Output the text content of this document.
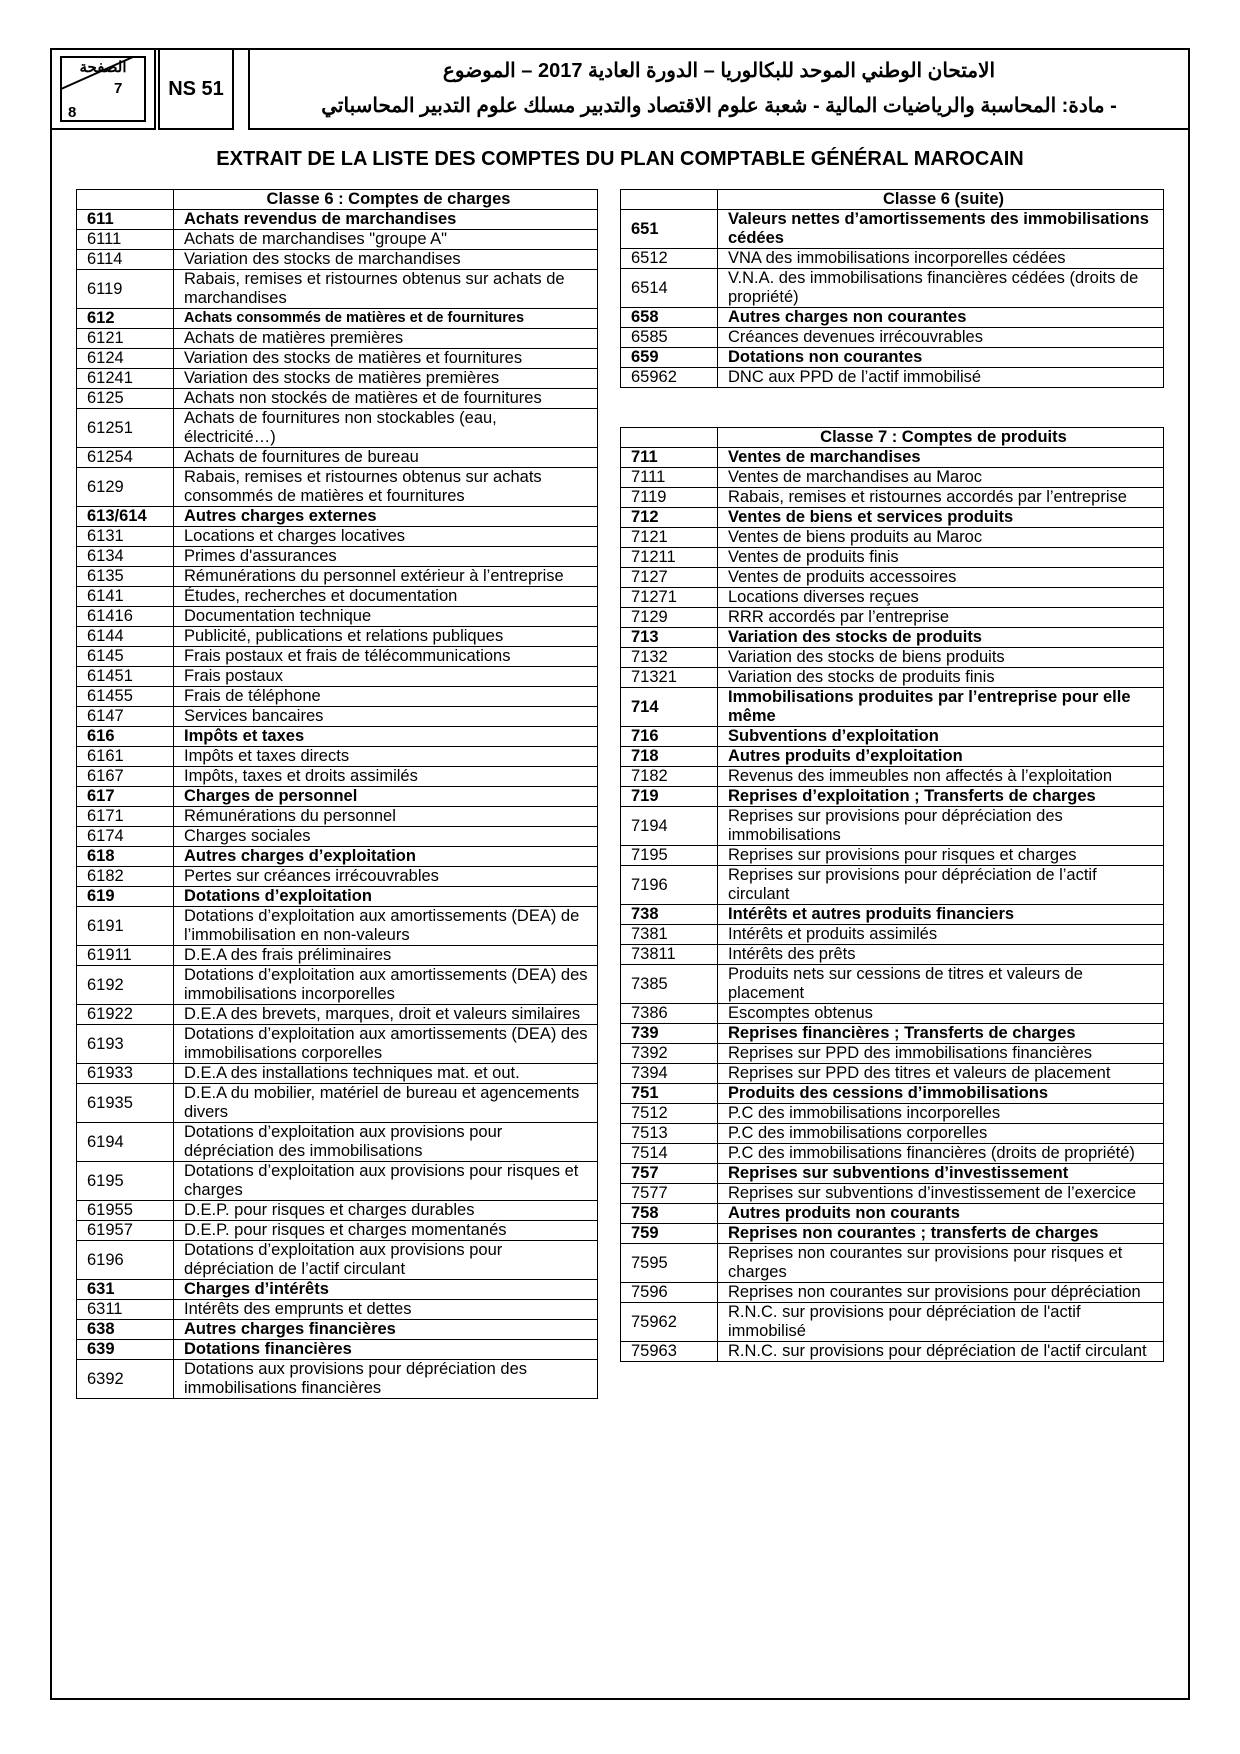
الصفحة
7
8
NS 51
الامتحان الوطني الموحد للبكالوريا – الدورة العادية 2017 – الموضوع
- مادة: المحاسبة والرياضيات المالية - شعبة علوم الاقتصاد والتدبير مسلك علوم التدبير المحاسباتي
EXTRAIT DE LA LISTE DES COMPTES DU PLAN COMPTABLE GÉNÉRAL MAROCAIN
	Classe 6 : Comptes de charges
611	Achats revendus de marchandises
6111	Achats de marchandises "groupe A"
6114	Variation des stocks de marchandises
6119	Rabais, remises et ristournes obtenus sur achats de marchandises
612	Achats consommés de matières et de fournitures
6121	Achats de matières premières
6124	Variation des stocks de matières et fournitures
61241	Variation des stocks de matières premières
6125	Achats non stockés de matières et de fournitures
61251	Achats de fournitures non stockables (eau, électricité…)
61254	Achats de fournitures de bureau
6129	Rabais, remises et ristournes obtenus sur achats consommés de matières et fournitures
613/614	Autres charges externes
6131	Locations et charges locatives
6134	Primes d'assurances
6135	Rémunérations du personnel extérieur à l’entreprise
6141	Études, recherches et documentation
61416	Documentation technique
6144	Publicité, publications et relations publiques
6145	Frais postaux et frais de télécommunications
61451	Frais postaux
61455	Frais de téléphone
6147	Services bancaires
616	Impôts et taxes
6161	Impôts et taxes directs
6167	Impôts, taxes et droits assimilés
617	Charges de personnel
6171	Rémunérations du personnel
6174	Charges sociales
618	Autres charges d’exploitation
6182	Pertes sur créances irrécouvrables
619	Dotations d’exploitation
6191	Dotations d’exploitation aux amortissements (DEA) de l’immobilisation en non-valeurs
61911	D.E.A des frais préliminaires
6192	Dotations d’exploitation aux amortissements (DEA) des immobilisations incorporelles
61922	D.E.A des brevets, marques, droit et valeurs similaires
6193	Dotations d’exploitation aux amortissements (DEA) des immobilisations corporelles
61933	D.E.A des installations techniques mat. et out.
61935	D.E.A du mobilier, matériel de bureau et agencements divers
6194	Dotations d’exploitation aux provisions pour dépréciation des immobilisations
6195	Dotations d’exploitation aux provisions pour risques et charges
61955	D.E.P. pour risques et charges durables
61957	D.E.P. pour risques et charges momentanés
6196	Dotations d’exploitation aux provisions pour dépréciation de l’actif circulant
631	Charges d’intérêts
6311	Intérêts des emprunts et dettes
638	Autres charges financières
639	Dotations financières
6392	Dotations aux provisions pour dépréciation des immobilisations financières
	Classe 6 (suite)
651	Valeurs nettes d’amortissements des immobilisations cédées
6512	VNA des immobilisations incorporelles cédées
6514	V.N.A. des immobilisations financières cédées (droits de propriété)
658	Autres charges non courantes
6585	Créances devenues irrécouvrables
659	Dotations non courantes
65962	DNC aux PPD de l’actif immobilisé
	Classe 7 : Comptes de produits
711	Ventes de marchandises
7111	Ventes de marchandises au Maroc
7119	Rabais, remises et ristournes accordés par l’entreprise
712	Ventes de biens et services produits
7121	Ventes de biens produits au Maroc
71211	Ventes de produits finis
7127	Ventes de produits accessoires
71271	Locations diverses reçues
7129	RRR accordés par l’entreprise
713	Variation des stocks de produits
7132	Variation des stocks de biens produits
71321	Variation des stocks de produits finis
714	Immobilisations produites par l’entreprise pour elle même
716	Subventions d’exploitation
718	Autres produits d’exploitation
7182	Revenus des immeubles non affectés à l’exploitation
719	Reprises d’exploitation ; Transferts de charges
7194	Reprises sur provisions pour dépréciation des immobilisations
7195	Reprises sur provisions pour risques et charges
7196	Reprises sur provisions pour dépréciation de l’actif circulant
738	Intérêts et autres produits financiers
7381	Intérêts et produits assimilés
73811	Intérêts des prêts
7385	Produits nets sur cessions de titres et valeurs de placement
7386	Escomptes obtenus
739	Reprises financières ; Transferts de charges
7392	Reprises sur PPD des immobilisations financières
7394	Reprises sur PPD des titres et valeurs de placement
751	Produits des cessions d’immobilisations
7512	P.C des immobilisations incorporelles
7513	P.C des immobilisations corporelles
7514	P.C des immobilisations financières (droits de propriété)
757	Reprises sur subventions d’investissement
7577	Reprises sur subventions d’investissement de l’exercice
758	Autres produits non courants
759	Reprises non courantes ; transferts de charges
7595	Reprises non courantes sur provisions pour risques et charges
7596	Reprises non courantes sur provisions pour dépréciation
75962	R.N.C. sur provisions pour dépréciation de l'actif immobilisé
75963	R.N.C. sur provisions pour dépréciation de l'actif circulant
